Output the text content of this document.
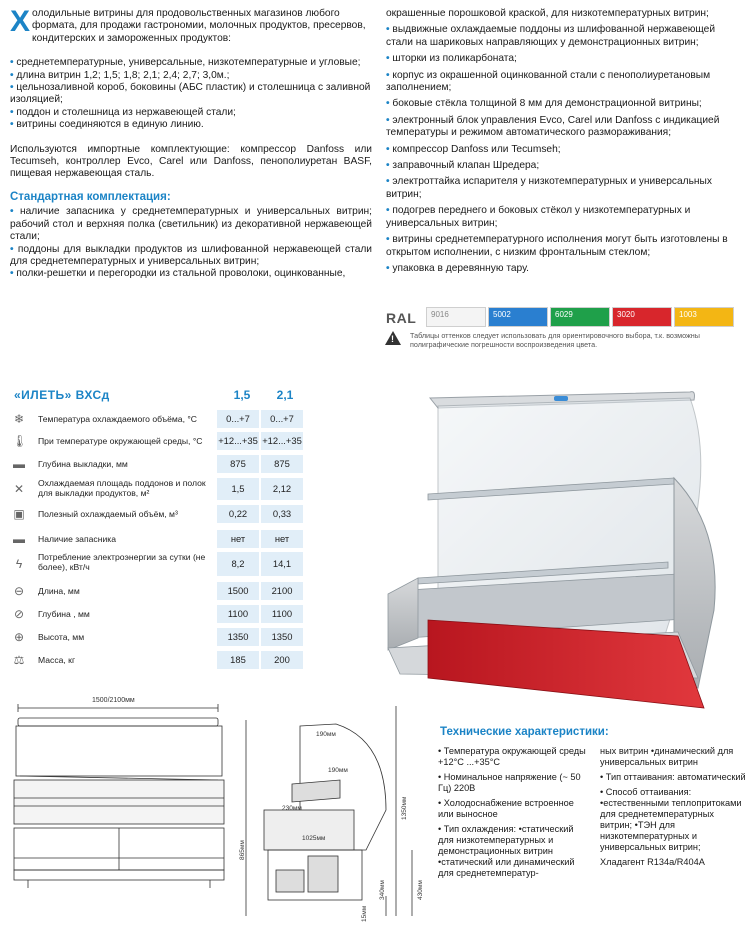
Холодильные витрины для продовольственных магазинов любого формата, для продажи гастрономии, молочных продуктов, пресервов, кондитерских и замороженных продуктов:

• среднетемпературные, универсальные, низкотемпературные и угловые;

• длина витрин 1,2; 1,5; 1,8; 2,1; 2,4; 2,7; 3,0м.;

• цельнозаливной короб, боковины (АБС пластик) и столешница с заливной изоляцией;

• поддон и столешница из нержавеющей стали;

• витрины соединяются в единую линию.

Используются импортные комплектующие: компрессор Danfoss или Tecumseh, контроллер Evco, Carel или Danfoss, пенополиуретан BASF, пищевая нержавеющая сталь.

Стандартная комплектация:

• наличие запасника у среднетемпературных и универсальных витрин; рабочий стол и верхняя полка (светильник) из декоративной нержавеющей стали;

• поддоны для выкладки продуктов из шлифованной нержавеющей стали для среднетемпературных и универсальных витрин;

• полки-решетки и перегородки из стальной проволоки, оцинкованные,

окрашенные порошковой краской, для низкотемпературных витрин;

• выдвижные охлаждаемые поддоны из шлифованной нержавеющей стали на шариковых направляющих у демонстрационных витрин;

• шторки из поликарбоната;

• корпус из окрашенной оцинкованной стали с пенополиуретановым заполнением;

• боковые стёкла толщиной 8 мм для демонстрационной витрины;

• электронный блок управления Evco, Carel или Danfoss с индикацией температуры и режимом автоматического размораживания;

• компрессор Danfoss или Tecumseh;

• заправочный клапан Шредера;

• электроттайка испарителя у низкотемпературных и универсальных витрин;

• подогрев переднего и боковых стёкол у низкотемпературных и универсальных витрин;

• витрины среднетемпературного исполнения могут быть изготовлены в открытом исполнении, с низким фронтальным стеклом;

• упаковка в деревянную тару.

RAL	9016	5002	6029	3020	1003
! Таблицы оттенков следует использовать для ориентировочного выбора, т.к. возможны полиграфические погрешности воспроизведения цвета.
«ИЛЕТЬ» ВХСд	1,5	2,1
❄ Температура охлаждаемого объёма, °C	0...+7	0...+7
🌡 При температуре окружающей среды, °C	+12...+35 +12...+35
▬ Глубина выкладки, мм	875	875
✕ Охлаждаемая площадь поддонов и полок для выкладки продуктов, м²	1,5	2,12
▣ Полезный охлаждаемый объём, м³	0,22	0,33
▬ Наличие запасника	нет	нет
ϟ	Потребление электроэнергии за сутки (не более), кВт/ч	8,2	14,1
⊖ Длина, мм	1500	2100
⊘ Глубина , мм	1100	1100
⊕ Высота, мм	1350	1350
⚖ Масса, кг	185	200
1500/2100мм
190мм
190мм
230мм
1025мм
1350мм
865мм
340мм	430мм
15мм
Технические характеристики:

• Температура окружающей среды +12°С ...+35°С

• Номинальное напряжение (~ 50 Гц) 220В

• Холодоснабжение встроенное или выносное

• Тип охлаждения: •статический для низкотемпературных и демонстрационных витрин •статический или динамический для среднетемператур-

ных витрин •динамический для универсальных витрин

• Тип оттаивания: автоматический

• Способ оттаивания: •естественными теплопритоками для среднетемпературных витрин; •ТЭН для низкотемпературных и универсальных витрин;

Хладагент R134a/R404A
